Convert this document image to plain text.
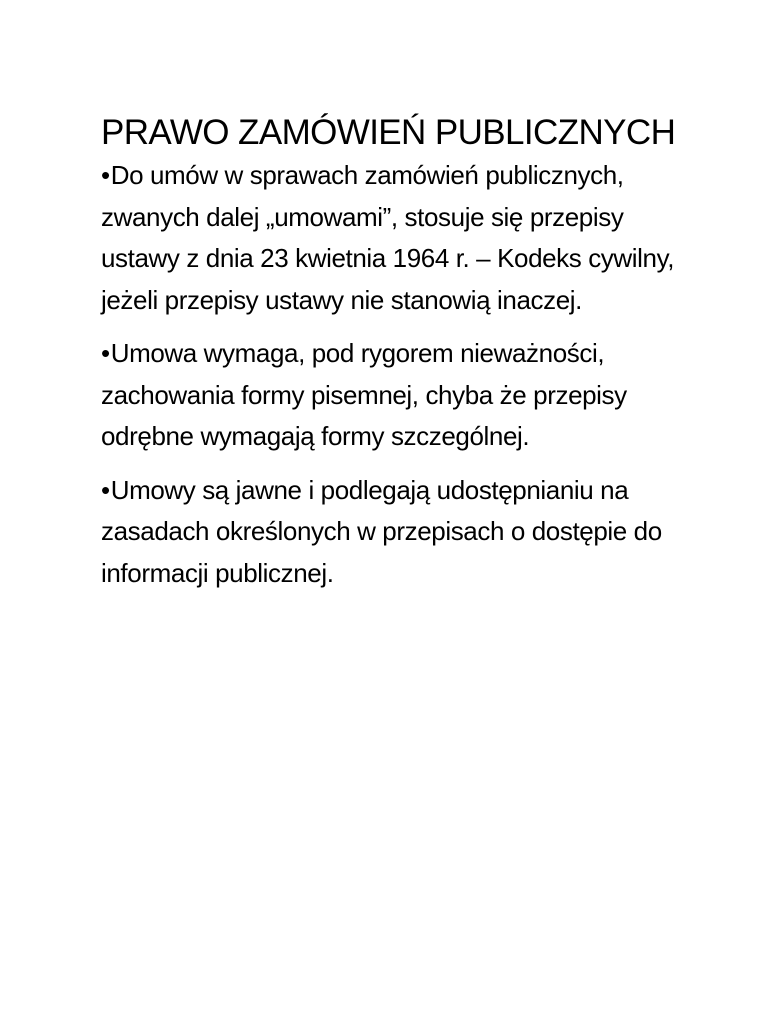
PRAWO ZAMÓWIEŃ PUBLICZNYCH
•Do umów w sprawach zamówień publicznych, zwanych dalej „umowami”, stosuje się przepisy ustawy z dnia 23 kwietnia 1964 r. – Kodeks cywilny, jeżeli przepisy ustawy nie stanowią inaczej.
•Umowa wymaga, pod rygorem nieważności, zachowania formy pisemnej, chyba że przepisy odrębne wymagają formy szczególnej.
•Umowy są jawne i podlegają udostępnianiu na zasadach określonych w przepisach o dostępie do informacji publicznej.
